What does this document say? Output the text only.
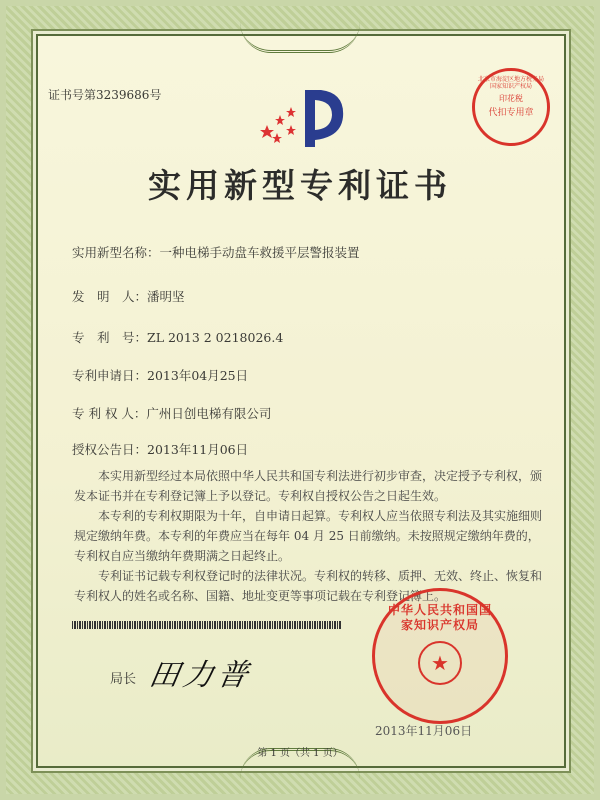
证书号第3239686号
北京市海淀区地方税务局 国家知识产权局
印花税
代扣专用章
实用新型专利证书
实用新型名称：一种电梯手动盘车救援平层警报装置
发　明　人：潘明坚
专　利　号：ZL 2013 2 0218026.4
专利申请日：2013年04月25日
专 利 权 人：广州日创电梯有限公司
授权公告日：2013年11月06日

本实用新型经过本局依照中华人民共和国专利法进行初步审查，决定授予专利权，颁发本证书并在专利登记簿上予以登记。专利权自授权公告之日起生效。

本专利的专利权期限为十年，自申请日起算。专利权人应当依照专利法及其实施细则规定缴纳年费。本专利的年费应当在每年 04 月 25 日前缴纳。未按照规定缴纳年费的，专利权自应当缴纳年费期满之日起终止。

专利证书记载专利权登记时的法律状况。专利权的转移、质押、无效、终止、恢复和专利权人的姓名或名称、国籍、地址变更等事项记载在专利登记簿上。

局长 田力普
中华人民共和国国家知识产权局
★
2013年11月06日
第 1 页（共 1 页）
